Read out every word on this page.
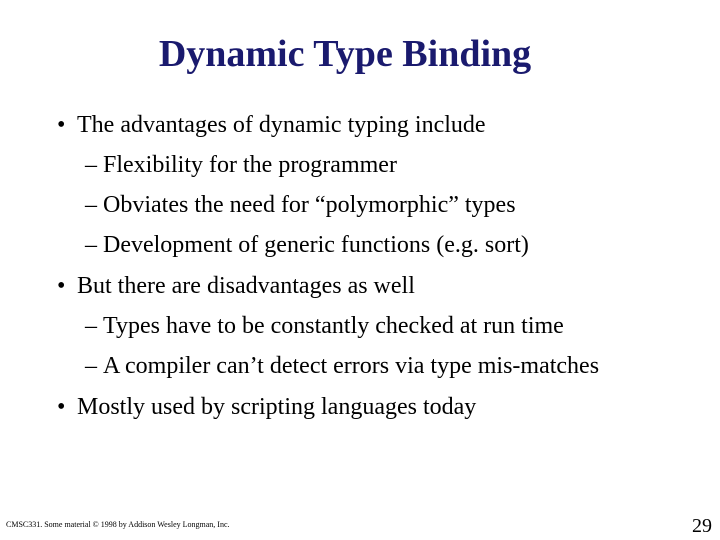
Dynamic Type Binding
• The advantages of dynamic typing include
– Flexibility for the programmer
– Obviates the need for “polymorphic” types
– Development of generic functions (e.g. sort)
• But there are disadvantages as well
– Types have to be constantly checked at run time
– A compiler can’t detect errors via type mis-matches
• Mostly used by scripting languages today
CMSC331. Some material © 1998 by Addison Wesley Longman, Inc.	29
